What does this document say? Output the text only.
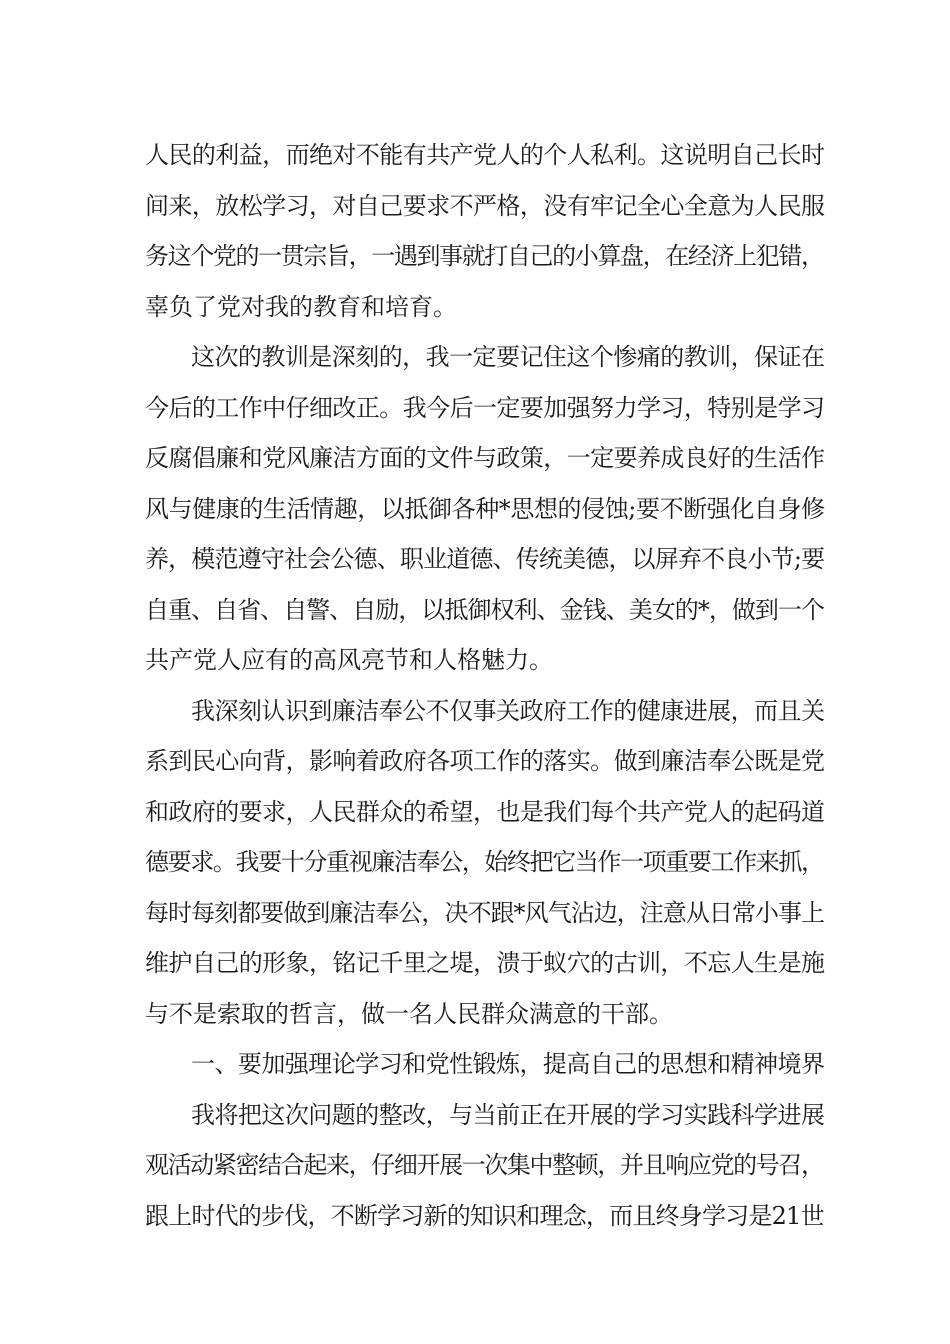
人民的利益，而绝对不能有共产党人的个人私利。这说明自己长时
间来，放松学习，对自己要求不严格，没有牢记全心全意为人民服
务这个党的一贯宗旨，一遇到事就打自己的小算盘，在经济上犯错，
辜负了党对我的教育和培育。
这次的教训是深刻的，我一定要记住这个惨痛的教训，保证在
今后的工作中仔细改正。我今后一定要加强努力学习，特别是学习
反腐倡廉和党风廉洁方面的文件与政策，一定要养成良好的生活作
风与健康的生活情趣，以抵御各种*思想的侵蚀;要不断强化自身修
养，模范遵守社会公德、职业道德、传统美德，以屏弃不良小节;要
自重、自省、自警、自励，以抵御权利、金钱、美女的*，做到一个
共产党人应有的高风亮节和人格魅力。
我深刻认识到廉洁奉公不仅事关政府工作的健康进展，而且关
系到民心向背，影响着政府各项工作的落实。做到廉洁奉公既是党
和政府的要求，人民群众的希望，也是我们每个共产党人的起码道
德要求。我要十分重视廉洁奉公，始终把它当作一项重要工作来抓，
每时每刻都要做到廉洁奉公，决不跟*风气沾边，注意从日常小事上
维护自己的形象，铭记千里之堤，溃于蚁穴的古训，不忘人生是施
与不是索取的哲言，做一名人民群众满意的干部。
一、要加强理论学习和党性锻炼，提高自己的思想和精神境界
我将把这次问题的整改，与当前正在开展的学习实践科学进展
观活动紧密结合起来，仔细开展一次集中整顿，并且响应党的号召，
跟上时代的步伐，不断学习新的知识和理念，而且终身学习是21世
